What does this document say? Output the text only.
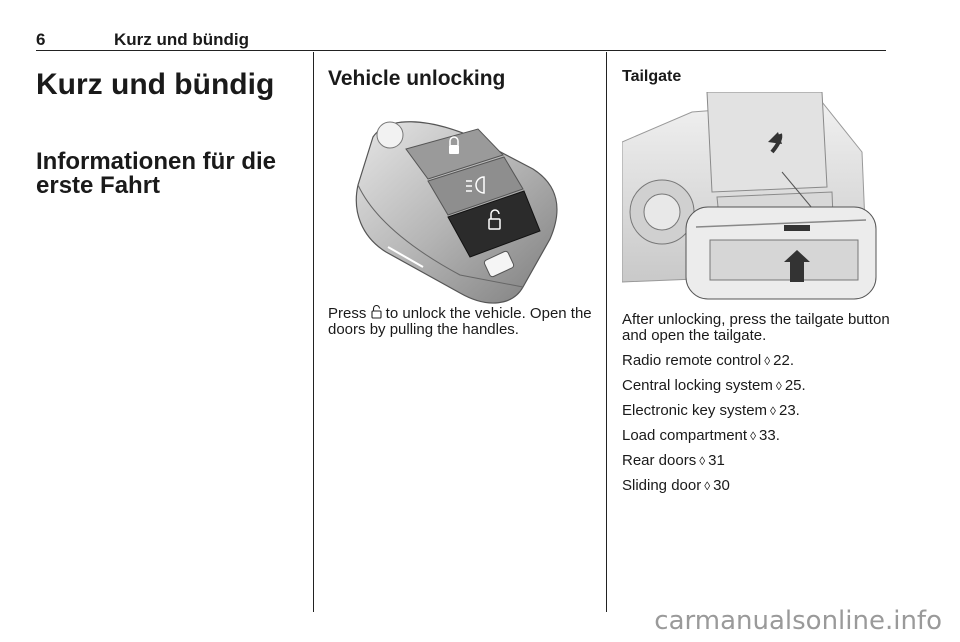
6	Kurz und bündig
Kurz und bündig
Informationen für die erste Fahrt
Vehicle unlocking

Press  to unlock the vehicle. Open the doors by pulling the handles.

Tailgate

After unlocking, press the tailgate button and open the tailgate.

Radio remote control ◊ 22.
Central locking system ◊ 25.
Electronic key system ◊ 23.
Load compartment ◊ 33.
Rear doors ◊ 31
Sliding door ◊ 30
carmanualsonline.info
